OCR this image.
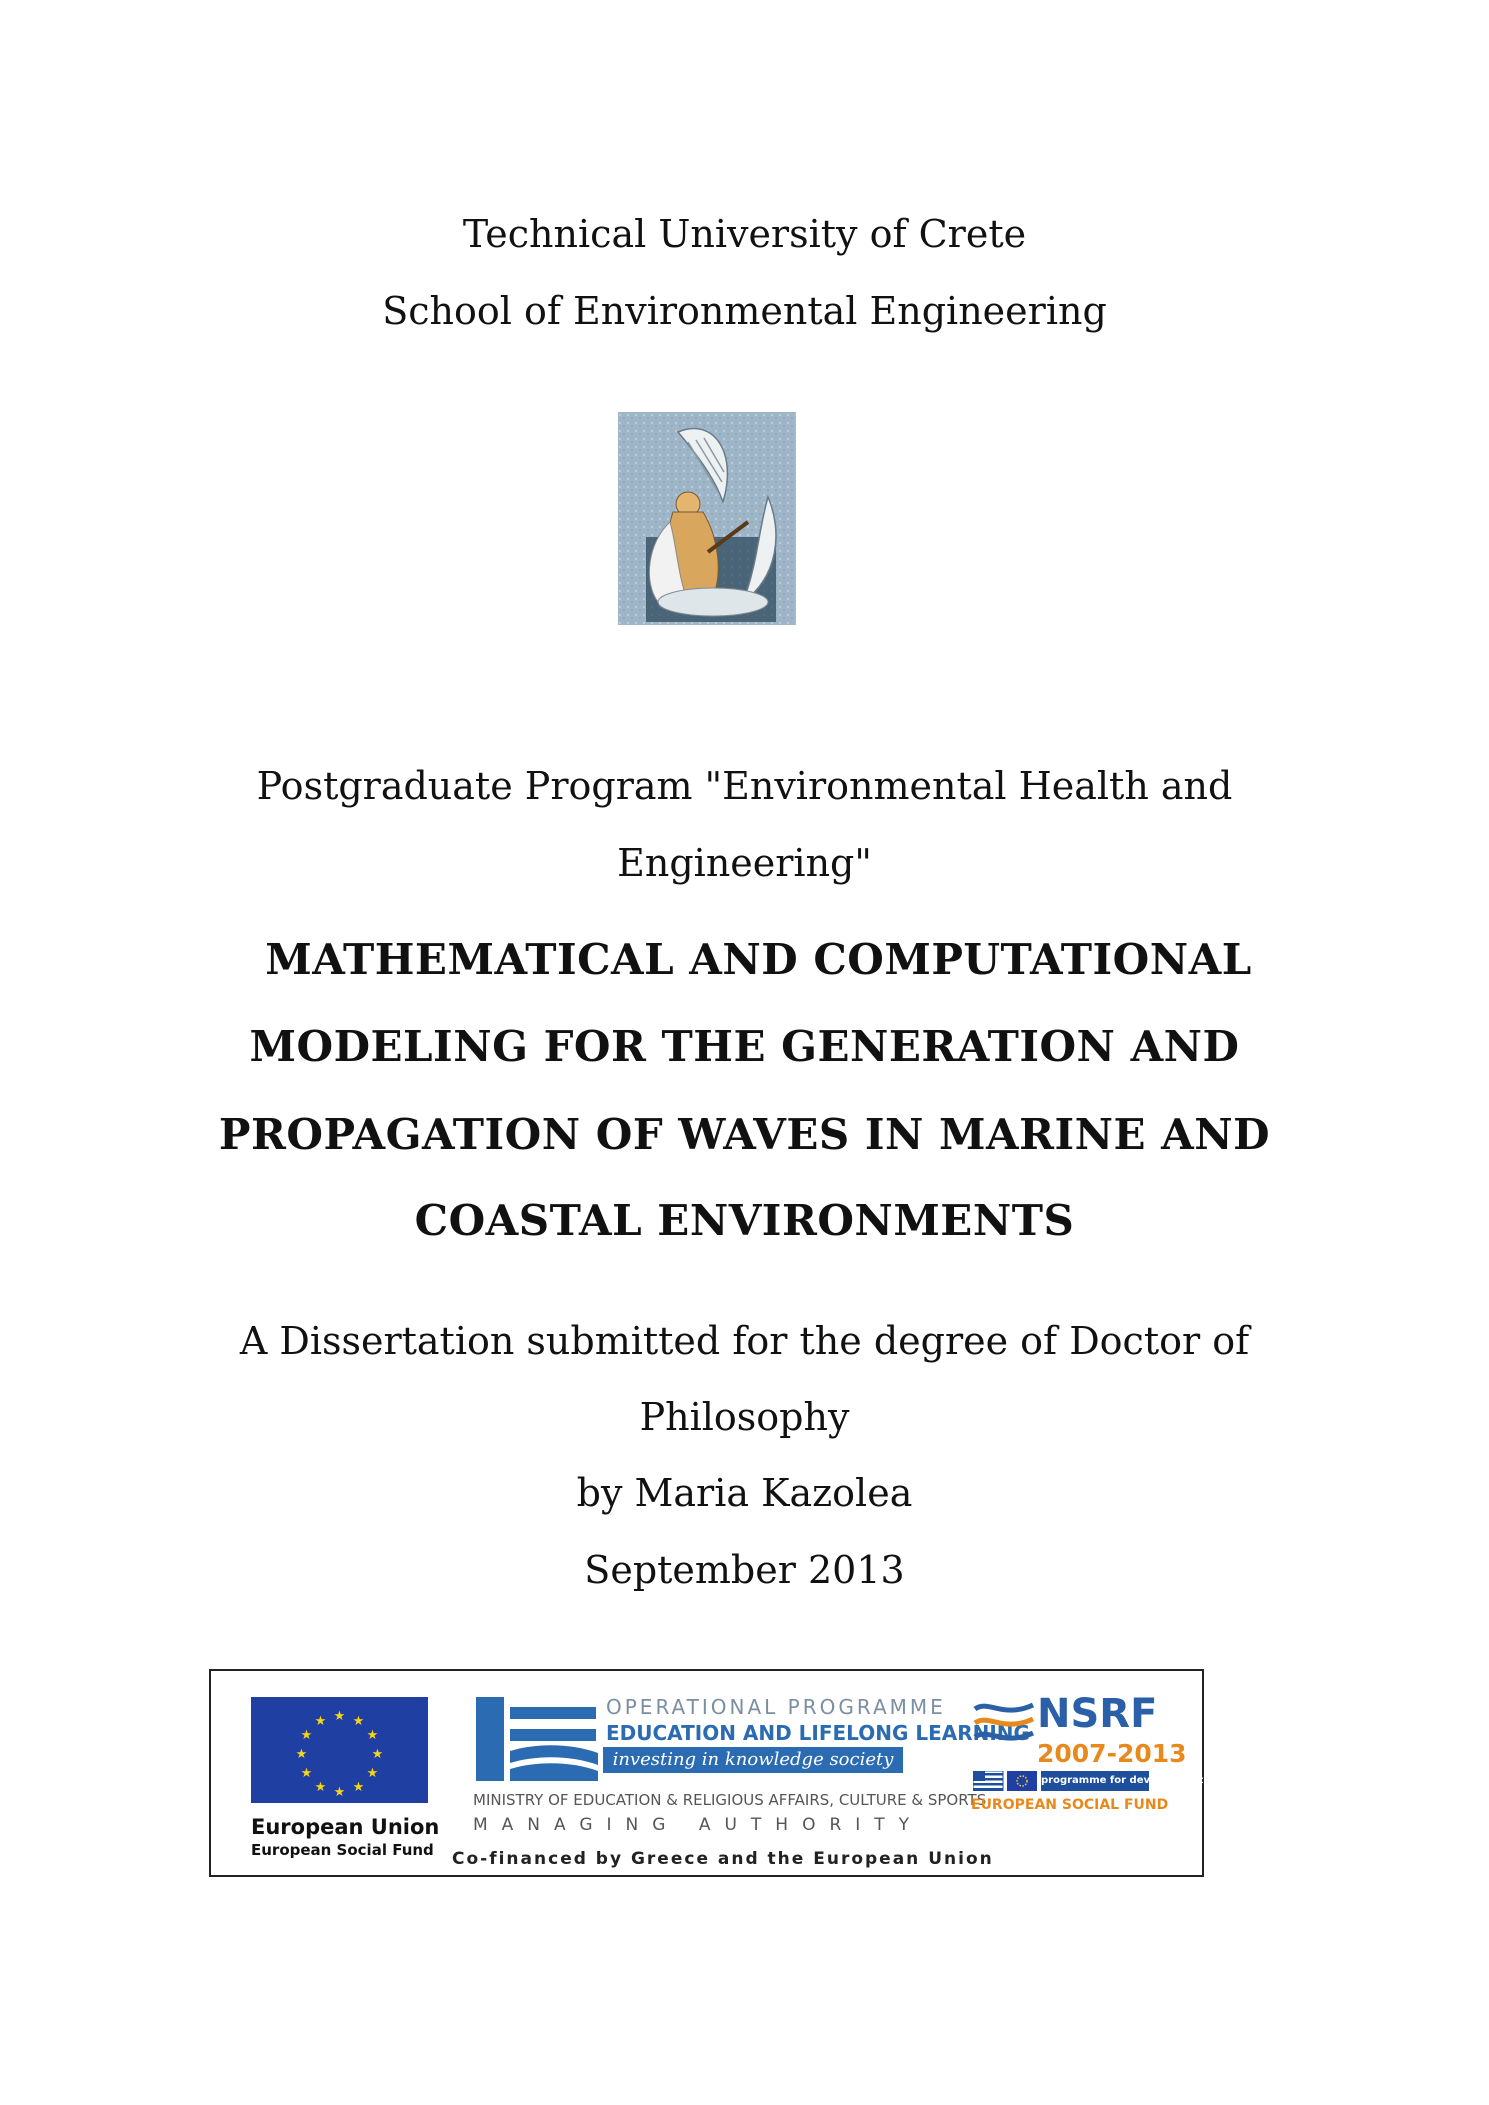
Technical University of Crete
School of Environmental Engineering
Postgraduate Program "Environmental Health and
Engineering"
MATHEMATICAL AND COMPUTATIONAL
MODELING FOR THE GENERATION AND
PROPAGATION OF WAVES IN MARINE AND
COASTAL ENVIRONMENTS
A Dissertation submitted for the degree of Doctor of
Philosophy
by Maria Kazolea
September 2013
★ ★
★
★
★
★
★
★
★
★
★
★
European Union
European Social Fund
OPERATIONAL PROGRAMME
EDUCATION AND LIFELONG LEARNING
investing in knowledge society
MINISTRY OF EDUCATION & RELIGIOUS AFFAIRS, CULTURE & SPORTS
MANAGING AUTHORITY
Co-financed by Greece and the European Union
NSRF
2007-2013
programme for development
EUROPEAN SOCIAL FUND
